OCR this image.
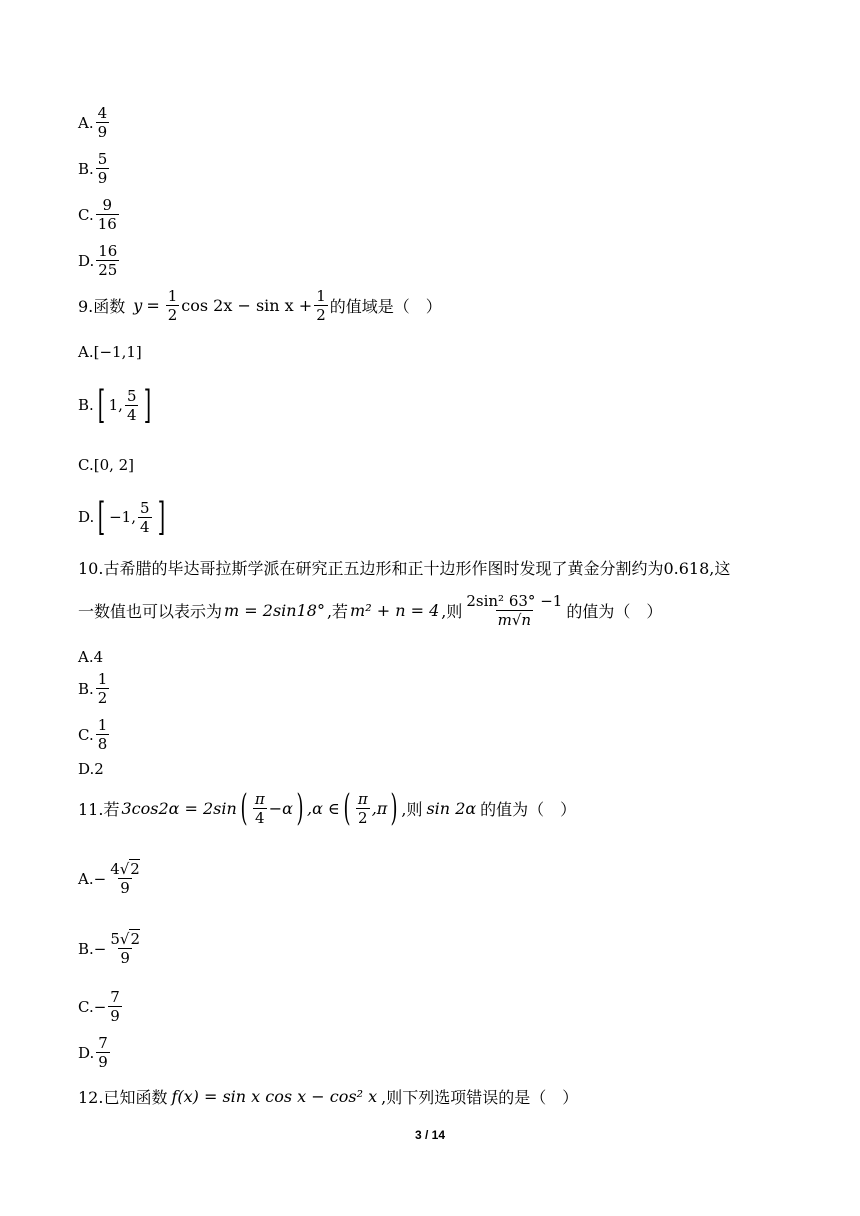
A. $\frac{4}{9}$
B. $\frac{5}{9}$
C. $\frac{9}{16}$
D. $\frac{16}{25}$
9.函数 $y = \frac{1}{2}$ $\cos 2x - \sin x + \frac{1}{2}$ 的值域是（　）
A.[−1,1]
B. [ 1, $\frac{5}{4}$ ]
C.[0, 2]
D. [ −1, $\frac{5}{4}$ ]
10.古希腊的毕达哥拉斯学派在研究正五边形和正十边形作图时发现了黄金分割约为0.618,这
一数值也可以表示为 m = 2sin18° ,若 m² + n = 4 ,则 $\frac{\text{2sin² 63° −1}}{m√n}$ 的值为（　）
A.4
B. $\frac{1}{2}$
C. $\frac{1}{8}$
D.2
11.若 3cos2α = 2sin ( $\frac{\pi}{4} -\alpha$ ) ,α ∈ ( $\frac{\pi}{2} ,\pi$ ) ,则 sin 2α 的值为（　）
A. − $\frac{4√2}{9}$
B. − $\frac{5√2}{9}$
C. − $\frac{7}{9}$
D. $\frac{7}{9}$
12.已知函数 f(x) = sin x cos x − cos² x ,则下列选项错误的是（　）
3 / 14
